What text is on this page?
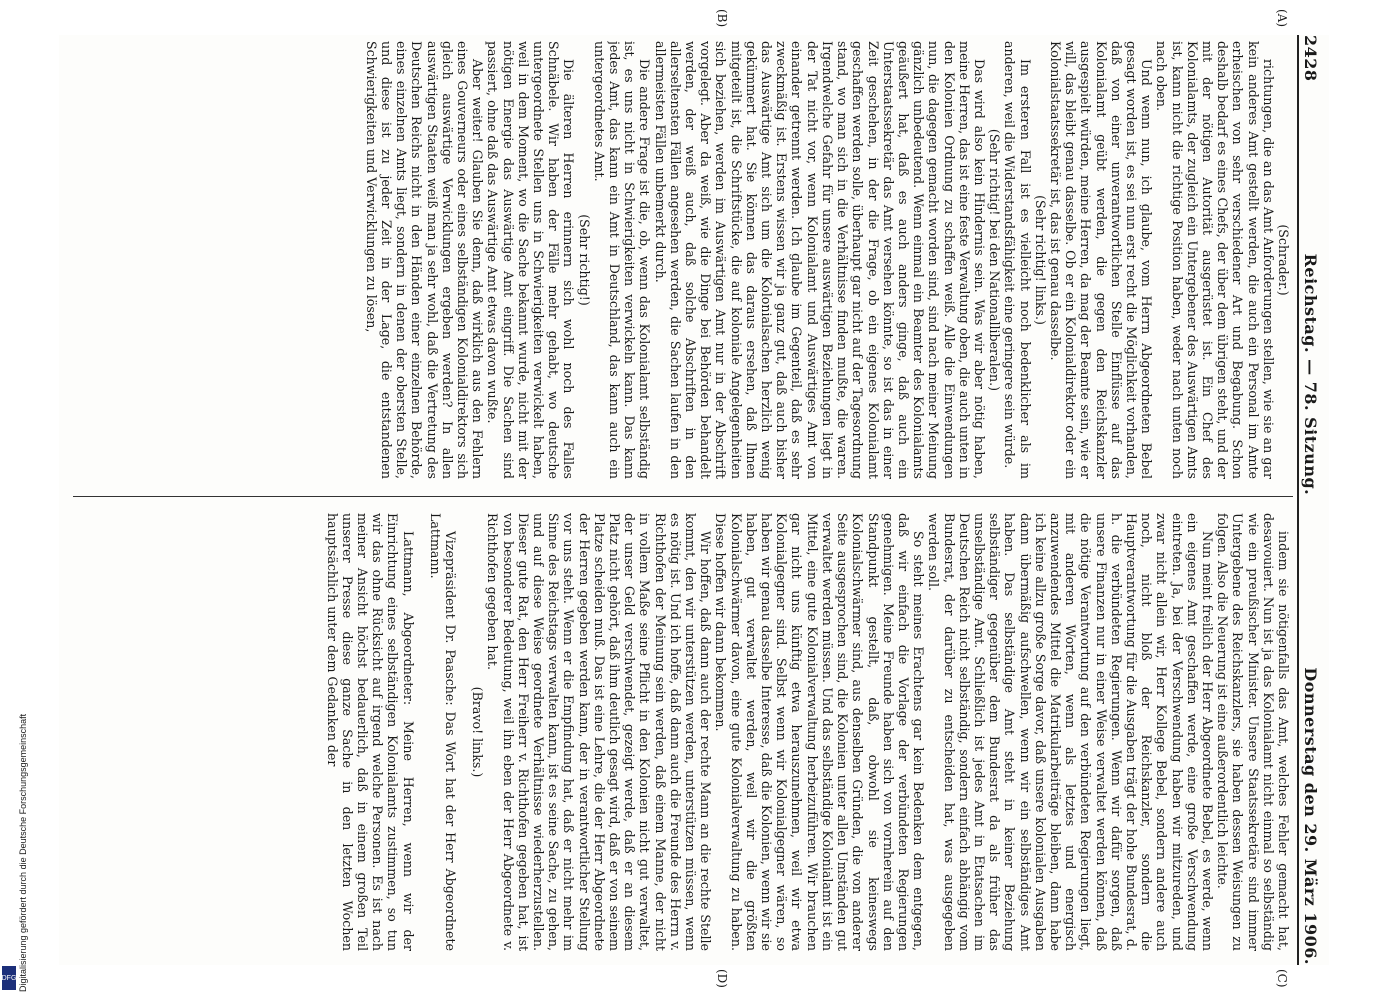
2428
Reichstag. — 78. Sitzung.
Donnerstag den 29. März 1906.
(A)
(B)
(C)
(D)

(Schrader.)

richtungen, die an das Amt Anforderungen stellen, wie sie an gar kein anderes Amt gestellt werden, die auch ein Personal im Amte erheischen von sehr verschiedener Art und Begabung. Schon deshalb bedarf es eines Chefs, der über dem übrigen steht, und der mit der nötigen Autorität ausgerüstet ist. Ein Chef des Kolonialamts, der zugleich ein Untergebener des Auswärtigen Amts ist, kann nicht die richtige Position haben, weder nach unten noch nach oben.

Und wenn nun, ich glaube, vom Herrn Abgeordneten Bebel gesagt worden ist, es sei nun erst recht die Möglichkeit vorhanden, daß von einer unverantwortlichen Stelle Einflüsse auf das Kolonialamt geübt werden, die gegen den Reichskanzler ausgespielt würden, meine Herren, da mag der Beamte sein, wie er will, das bleibt genau dasselbe. Ob er ein Kolonialdirektor oder ein Kolonialstaatssekretär ist, das ist genau dasselbe.

(Sehr richtig! links.)

Im ersteren Fall ist es vielleicht noch bedenklicher als im anderen, weil die Widerstandsfähigkeit eine geringere sein würde.

(Sehr richtig! bei den Nationalliberalen.)

Das wird also kein Hindernis sein. Was wir aber nötig haben, meine Herren, das ist eine feste Verwaltung oben, die auch unten in den Kolonien Ordnung zu schaffen weiß. Alle die Einwendungen nun, die dagegen gemacht worden sind, sind nach meiner Meinung gänzlich unbedeutend. Wenn einmal ein Beamter des Kolonialamts geäußert hat, daß es auch anders ginge, daß auch ein Unterstaatssekretär das Amt versehen könnte, so ist das in einer Zeit geschehen, in der die Frage, ob ein eigenes Kolonialamt geschaffen werden solle, überhaupt gar nicht auf der Tagesordnung stand, wo man sich in die Verhältnisse finden mußte, die waren. Irgendwelche Gefahr für unsere auswärtigen Beziehungen liegt in der Tat nicht vor, wenn Kolonialamt und Auswärtiges Amt von einander getrennt werden. Ich glaube im Gegenteil, daß es sehr zweckmäßig ist. Erstens wissen wir ja ganz gut, daß auch bisher das Auswärtige Amt sich um die Kolonialsachen herzlich wenig gekümmert hat. Sie können das daraus ersehen, daß Ihnen mitgeteilt ist, die Schriftstücke, die auf koloniale Angelegenheiten sich beziehen, werden im Auswärtigen Amt nur in der Abschrift vorgelegt. Aber da weiß, wie die Dinge bei Behörden behandelt werden, der weiß auch, daß solche Abschriften in den allerseltensten Fällen angesehen werden, die Sachen laufen in den allermeisten Fällen unbemerkt durch.

Die andere Frage ist die, ob, wenn das Kolonialamt selbständig ist, es uns nicht in Schwierigkeiten verwickeln kann. Das kann jedes Amt, das kann ein Amt in Deutschland, das kann auch ein untergeordnetes Amt.

(Sehr richtig!)

Die älteren Herren erinnern sich wohl noch des Falles Schnäbele. Wir haben der Fälle mehr gehabt, wo deutsche untergeordnete Stellen uns in Schwierigkeiten verwickelt haben, weil in dem Moment, wo die Sache bekannt wurde, nicht mit der nötigen Energie das Auswärtige Amt eingriff. Die Sachen sind passiert, ohne daß das Auswärtige Amt etwas davon wußte.

Aber weiter! Glauben Sie denn, daß wirklich aus den Fehlern eines Gouverneurs oder eines selbständigen Kolonialdirektors sich gleich auswärtige Verwicklungen ergeben werden? In allen auswärtigen Staaten weiß man ja sehr wohl, daß die Vertretung des Deutschen Reichs nicht in den Händen einer einzelnen Behörde, eines einzelnen Amts liegt, sondern in denen der obersten Stelle, und diese ist zu jeder Zeit in der Lage, die entstandenen Schwierigkeiten und Verwicklungen zu lösen,

indem sie nötigenfalls das Amt, welches Fehler gemacht hat, desavouiert. Nun ist ja das Kolonialamt nicht einmal so selbständig wie ein preußischer Minister. Unsere Staatssekretäre sind immer Untergebene des Reichskanzlers, sie haben dessen Weisungen zu folgen. Also die Neuerung ist eine außerordentlich leichte.

Nun meint freilich der Herr Abgeordnete Bebel, es werde, wenn ein eigenes Amt geschaffen werde, eine große Verschwendung eintreten. Ja, bei der Verschwendung haben wir mitzureden, und zwar nicht allein wir, Herr Kollege Bebel, sondern andere auch noch, nicht bloß der Reichskanzler, sondern die Hauptverantwortung für die Ausgaben trägt der hohe Bundesrat, d. h. die verbündeten Regierungen. Wenn wir dafür sorgen, daß unsere Finanzen nur in einer Weise verwaltet werden können, daß die nötige Verantwortung auf den verbündeten Regierungen liegt, mit anderen Worten, wenn als letztes und energisch anzuwendendes Mittel die Matrikularbeiträge bleiben, dann habe ich keine allzu große Sorge davor, daß unsere kolonialen Ausgaben dann übermäßig aufschwellen, wenn wir ein selbständiges Amt haben. Das selbständige Amt steht in keiner Beziehung selbständiger gegenüber dem Bundesrat da als früher das unselbständige Amt. Schließlich ist jedes Amt in Etatsachen im Deutschen Reich nicht selbständig, sondern einfach abhängig vom Bundesrat, der darüber zu entscheiden hat, was ausgegeben werden soll.

So steht meines Erachtens gar kein Bedenken dem entgegen, daß wir einfach die Vorlage der verbündeten Regierungen genehmigen. Meine Freunde haben sich von vornherein auf den Standpunkt gestellt, daß, obwohl sie keineswegs Kolonialschwärmer sind, aus denselben Gründen, die von anderer Seite ausgesprochen sind, die Kolonien unter allen Umständen gut verwaltet werden müssen. Und das selbständige Kolonialamt ist ein Mittel, eine gute Kolonialverwaltung herbeizuführen. Wir brauchen gar nicht uns künftig etwa herauszunehmen, weil wir etwa Kolonialgegner sind. Selbst wenn wir Kolonialgegner wären, so haben wir genau dasselbe Interesse, daß die Kolonien, wenn wir sie haben, gut verwaltet werden, weil wir die größten Kolonialschwärmer davon, eine gute Kolonialverwaltung zu haben. Diese hoffen wir dann bekommen.

Wir hoffen, daß dann auch der rechte Mann an die rechte Stelle kommt, den wir unterstützen werden, unterstützen müssen, wenn es nötig ist. Und ich hoffe, daß dann auch die Freunde des Herrn v. Richthofen der Meinung sein werden, daß einem Manne, der nicht in vollem Maße seine Pflicht in den Kolonien nicht gut verwaltet, der unser Geld verschwendet, gezeigt werde, daß er an diesem Platz nicht gehört, daß ihm deutlich gesagt wird, daß er von seinem Platze scheiden muß. Das ist eine Lehre, die der Herr Abgeordnete der Herren gegeben werden kann, der in verantwortlicher Stellung vor uns steht. Wenn er die Empfindung hat, daß er nicht mehr im Sinne des Reichstags verwalten kann, ist es seine Sache, zu gehen, und auf diese Weise geordnete Verhältnisse wiederherzustellen. Dieser gute Rat, den Herr Freiherr v. Richthofen gegeben hat, ist von besonderer Bedeutung, weil ihn eben der Herr Abgeordnete v. Richthofen gegeben hat.

(Bravo! links.)

Vizepräsident Dr. Paasche: Das Wort hat der Herr Abgeordnete Lattmann.

Lattmann, Abgeordneter: Meine Herren, wenn wir der Einrichtung eines selbständigen Kolonialamts zustimmen, so tun wir das ohne Rücksicht auf irgend welche Personen. Es ist nach meiner Ansicht höchst bedauerlich, daß in einem großen Teil unserer Presse diese ganze Sache in den letzten Wochen hauptsächlich unter dem Gedanken der

Digitalisierung gefördert durch die Deutsche Forschungsgemeinschaft
DFG
